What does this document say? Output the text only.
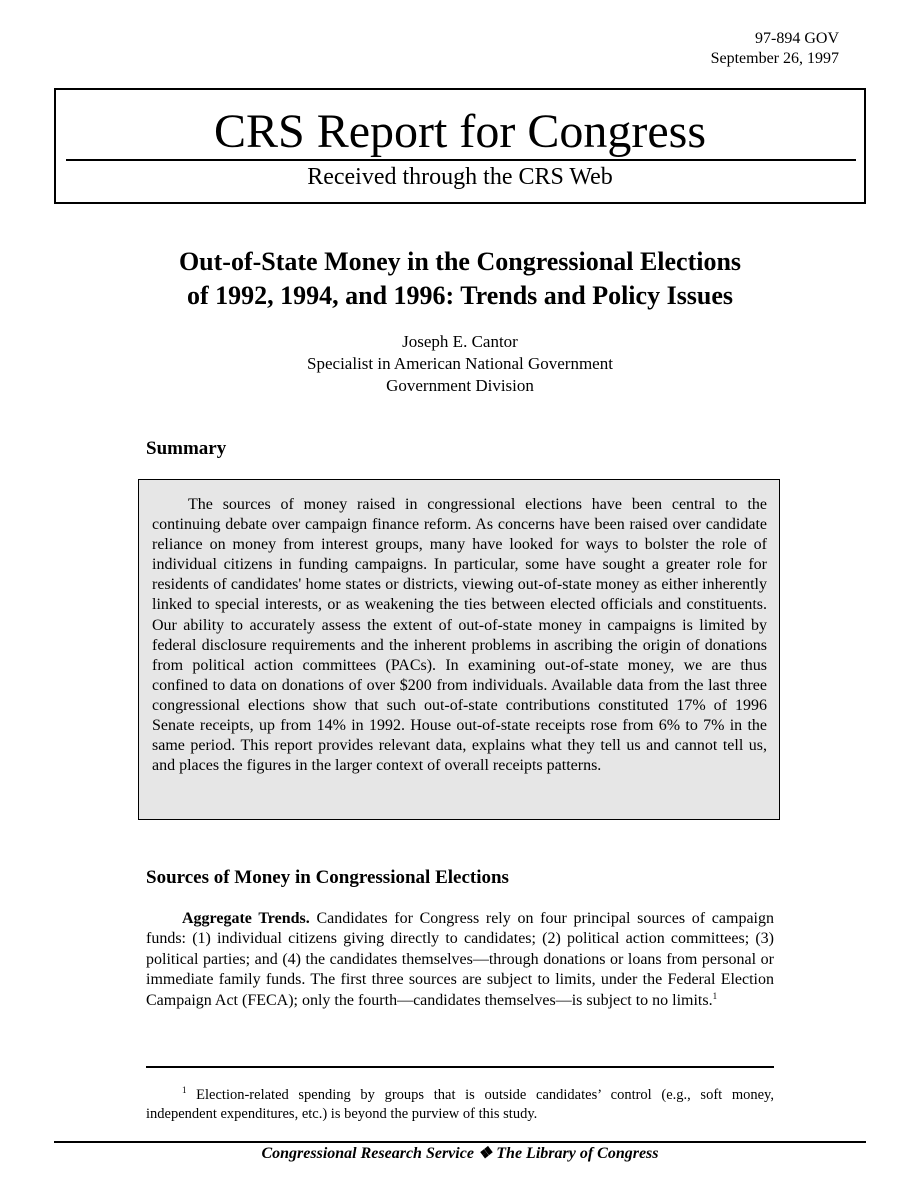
97-894 GOV
September 26, 1997
CRS Report for Congress
Received through the CRS Web
Out-of-State Money in the Congressional Elections
of 1992, 1994, and 1996: Trends and Policy Issues
Joseph E. Cantor
Specialist in American National Government
Government Division
Summary

The sources of money raised in congressional elections have been central to the continuing debate over campaign finance reform. As concerns have been raised over candidate reliance on money from interest groups, many have looked for ways to bolster the role of individual citizens in funding campaigns. In particular, some have sought a greater role for residents of candidates' home states or districts, viewing out-of-state money as either inherently linked to special interests, or as weakening the ties between elected officials and constituents. Our ability to accurately assess the extent of out-of-state money in campaigns is limited by federal disclosure requirements and the inherent problems in ascribing the origin of donations from political action committees (PACs). In examining out-of-state money, we are thus confined to data on donations of over $200 from individuals. Available data from the last three congressional elections show that such out-of-state contributions constituted 17% of 1996 Senate receipts, up from 14% in 1992. House out-of-state receipts rose from 6% to 7% in the same period. This report provides relevant data, explains what they tell us and cannot tell us, and places the figures in the larger context of overall receipts patterns.

Sources of Money in Congressional Elections

Aggregate Trends. Candidates for Congress rely on four principal sources of campaign funds: (1) individual citizens giving directly to candidates; (2) political action committees; (3) political parties; and (4) the candidates themselves—through donations or loans from personal or immediate family funds. The first three sources are subject to limits, under the Federal Election Campaign Act (FECA); only the fourth—candidates themselves—is subject to no limits.$^1$

$^1$ Election-related spending by groups that is outside candidates’ control (e.g., soft money, independent expenditures, etc.) is beyond the purview of this study.

Congressional Research Service ❖ The Library of Congress
